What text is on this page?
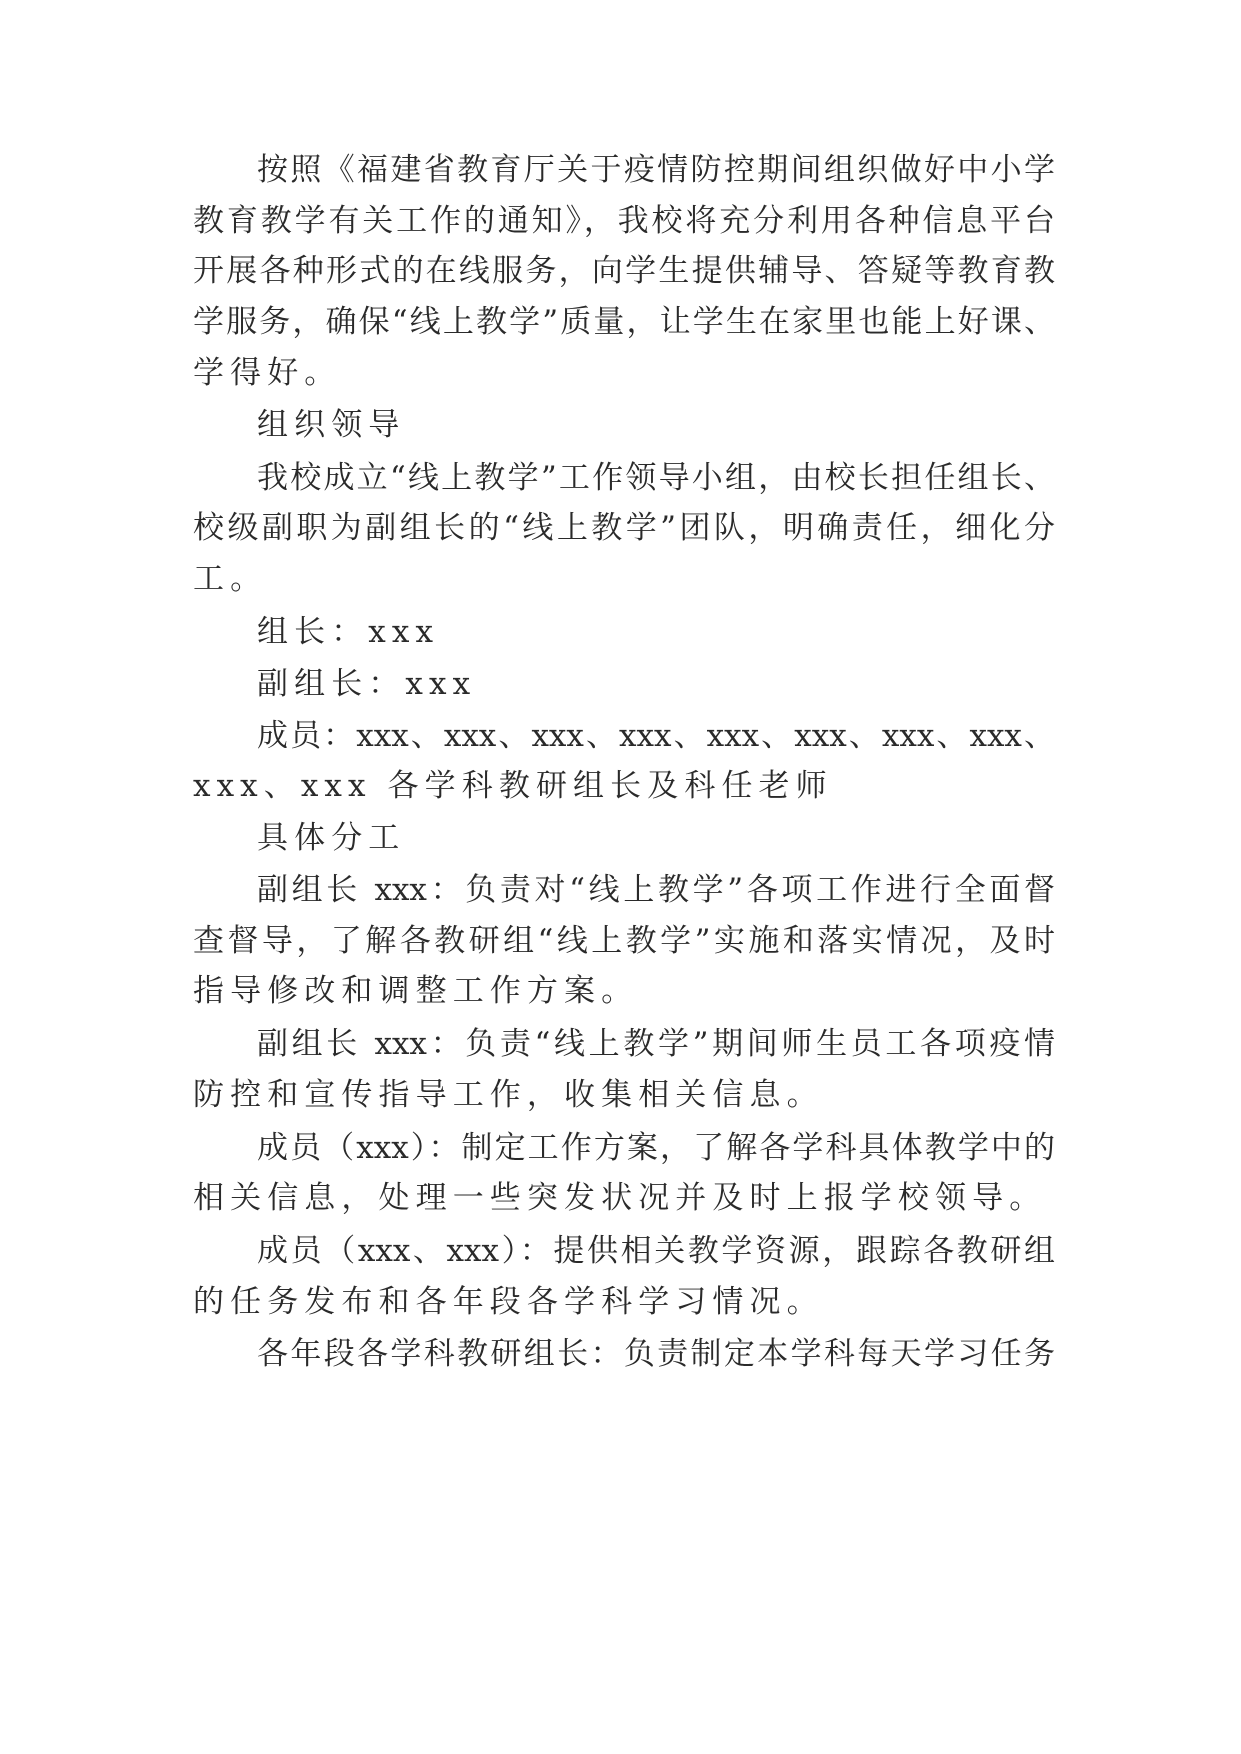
按照《福建省教育厅关于疫情防控期间组织做好中小学
教育教学有关工作的通知》，我校将充分利用各种信息平台
开展各种形式的在线服务，向学生提供辅导、答疑等教育教
学服务，确保“线上教学”质量，让学生在家里也能上好课、
学得好。
组织领导
我校成立“线上教学”工作领导小组，由校长担任组长、
校级副职为副组长的“线上教学”团队，明确责任，细化分
工。
组长：xxx
副组长：xxx
成员：xxx、xxx、xxx、xxx、xxx、xxx、xxx、xxx、
xxx、xxx 各学科教研组长及科任老师
具体分工
副组长 xxx：负责对“线上教学”各项工作进行全面督
查督导，了解各教研组“线上教学”实施和落实情况，及时
指导修改和调整工作方案。
副组长 xxx：负责“线上教学”期间师生员工各项疫情
防控和宣传指导工作，收集相关信息。
成员（xxx）：制定工作方案，了解各学科具体教学中的
相关信息，处理一些突发状况并及时上报学校领导。
成员（xxx、xxx）：提供相关教学资源，跟踪各教研组
的任务发布和各年段各学科学习情况。
各年段各学科教研组长：负责制定本学科每天学习任务
